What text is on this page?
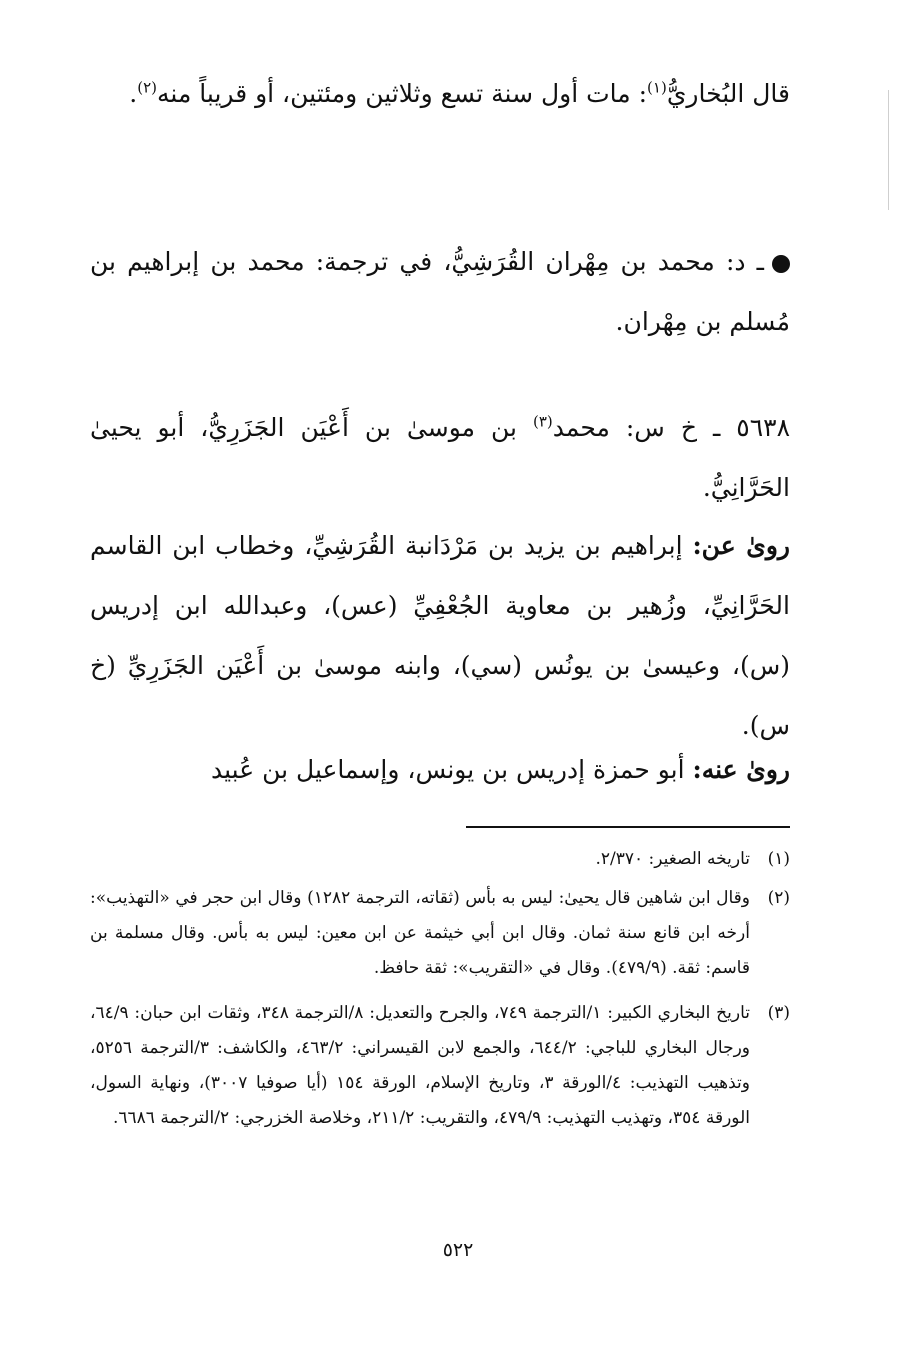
قال البُخاريُّ$^{(١)}$: مات أول سنة تسع وثلاثين ومئتين، أو قريباً منه$^{(٢)}$.

ـ د: محمد بن مِهْران القُرَشِيُّ، في ترجمة: محمد بن إبراهيم بن مُسلم بن مِهْران.

٥٦٣٨ ـ خ س: محمد$^{(٣)}$ بن موسىٰ بن أَعْيَن الجَزَرِيُّ، أبو يحيىٰ الحَرَّانِيُّ.

روىٰ عن: إبراهيم بن يزيد بن مَرْدَانبة القُرَشِيِّ، وخطاب ابن القاسم الحَرَّانِيِّ، وزُهير بن معاوية الجُعْفِيِّ (عس)، وعبدالله ابن إدريس (س)، وعيسىٰ بن يونُس (سي)، وابنه موسىٰ بن أَعْيَن الجَزَرِيِّ (خ س).

روىٰ عنه: أبو حمزة إدريس بن يونس، وإسماعيل بن عُبيد

(١)
تاريخه الصغير: ٢/٣٧٠.
(٢)
وقال ابن شاهين قال يحيىٰ: ليس به بأس (ثقاته، الترجمة ١٢٨٢) وقال ابن حجر في «التهذيب»: أرخه ابن قانع سنة ثمان. وقال ابن أبي خيثمة عن ابن معين: ليس به بأس. وقال مسلمة بن قاسم: ثقة. (٤٧٩/٩). وقال في «التقريب»: ثقة حافظ.
(٣)
تاريخ البخاري الكبير: ١/الترجمة ٧٤٩، والجرح والتعديل: ٨/الترجمة ٣٤٨، وثقات ابن حبان: ٦٤/٩، ورجال البخاري للباجي: ٦٤٤/٢، والجمع لابن القيسراني: ٤٦٣/٢، والكاشف: ٣/الترجمة ٥٢٥٦، وتذهيب التهذيب: ٤/الورقة ٣، وتاريخ الإسلام، الورقة ١٥٤ (أيا صوفيا ٣٠٠٧)، ونهاية السول، الورقة ٣٥٤، وتهذيب التهذيب: ٤٧٩/٩، والتقريب: ٢١١/٢، وخلاصة الخزرجي: ٢/الترجمة ٦٦٨٦.
٥٢٢
